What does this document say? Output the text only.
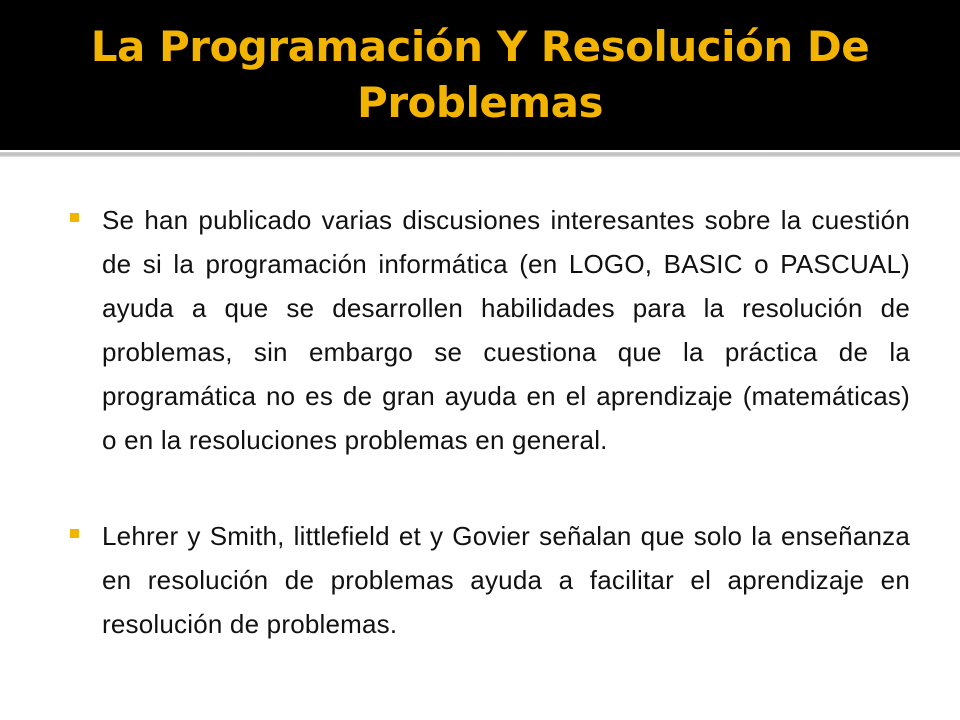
La Programación Y Resolución De Problemas

Se han publicado varias discusiones interesantes sobre la cuestión de si la programación informática (en LOGO, BASIC o PASCUAL) ayuda a que se desarrollen habilidades para la resolución de problemas, sin embargo se cuestiona que la práctica de la programática no es de gran ayuda en el aprendizaje (matemáticas) o en la resoluciones problemas en general.

Lehrer y Smith, littlefield et y Govier señalan que solo la enseñanza en resolución de problemas ayuda a facilitar el aprendizaje en resolución de problemas.
